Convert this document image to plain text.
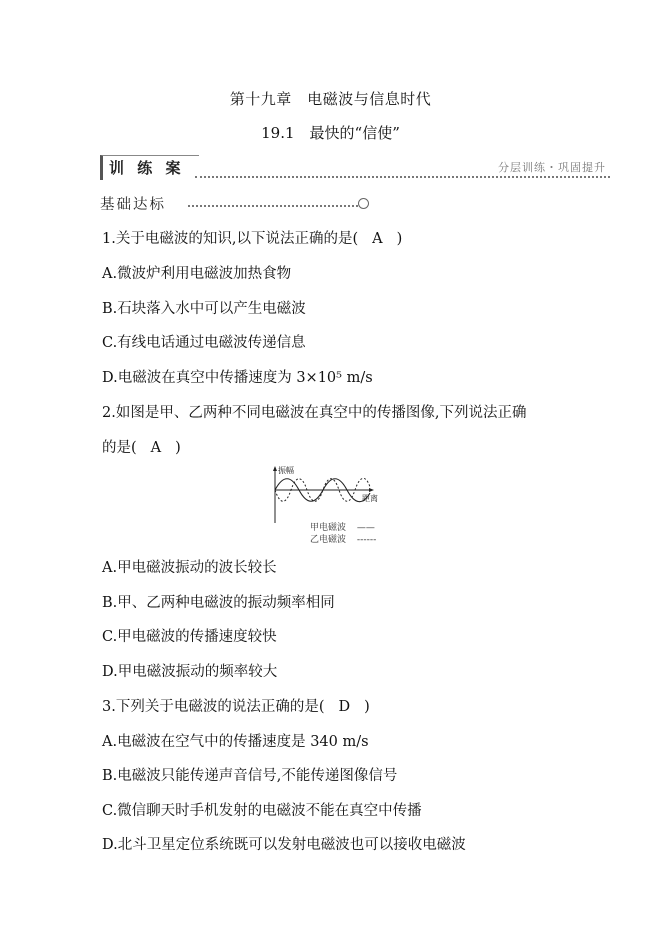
第十九章　电磁波与信息时代
19.1　最快的“信使”
训 练 案	分层训练・巩固提升
基础达标
1.关于电磁波的知识,以下说法正确的是( A )
A.微波炉利用电磁波加热食物
B.石块落入水中可以产生电磁波
C.有线电话通过电磁波传递信息
D.电磁波在真空中传播速度为 3×10⁵ m/s
2.如图是甲、乙两种不同电磁波在真空中的传播图像,下列说法正确
的是( A )
振幅
距离
甲电磁波 ——
乙电磁波 ------
A.甲电磁波振动的波长较长
B.甲、乙两种电磁波的振动频率相同
C.甲电磁波的传播速度较快
D.甲电磁波振动的频率较大
3.下列关于电磁波的说法正确的是( D )
A.电磁波在空气中的传播速度是 340 m/s
B.电磁波只能传递声音信号,不能传递图像信号
C.微信聊天时手机发射的电磁波不能在真空中传播
D.北斗卫星定位系统既可以发射电磁波也可以接收电磁波
